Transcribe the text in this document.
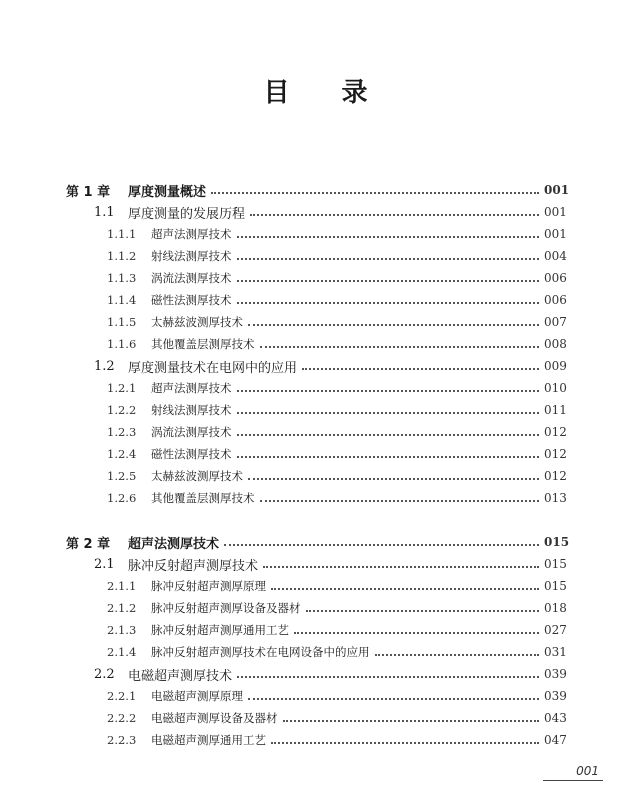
目 录
第 1 章	厚度测量概述	001
1.1 厚度测量的发展历程	001
1.1.1 超声法测厚技术	001
1.1.2 射线法测厚技术	004
1.1.3 涡流法测厚技术	006
1.1.4 磁性法测厚技术	006
1.1.5 太赫兹波测厚技术	007
1.1.6 其他覆盖层测厚技术	008
1.2 厚度测量技术在电网中的应用	009
1.2.1 超声法测厚技术	010
1.2.2 射线法测厚技术	011
1.2.3 涡流法测厚技术	012
1.2.4 磁性法测厚技术	012
1.2.5 太赫兹波测厚技术	012
1.2.6 其他覆盖层测厚技术	013
第 2 章	超声法测厚技术	015
2.1 脉冲反射超声测厚技术	015
2.1.1 脉冲反射超声测厚原理	015
2.1.2 脉冲反射超声测厚设备及器材	018
2.1.3 脉冲反射超声测厚通用工艺	027
2.1.4 脉冲反射超声测厚技术在电网设备中的应用	031
2.2 电磁超声测厚技术	039
2.2.1 电磁超声测厚原理	039
2.2.2 电磁超声测厚设备及器材	043
2.2.3 电磁超声测厚通用工艺	047
001
